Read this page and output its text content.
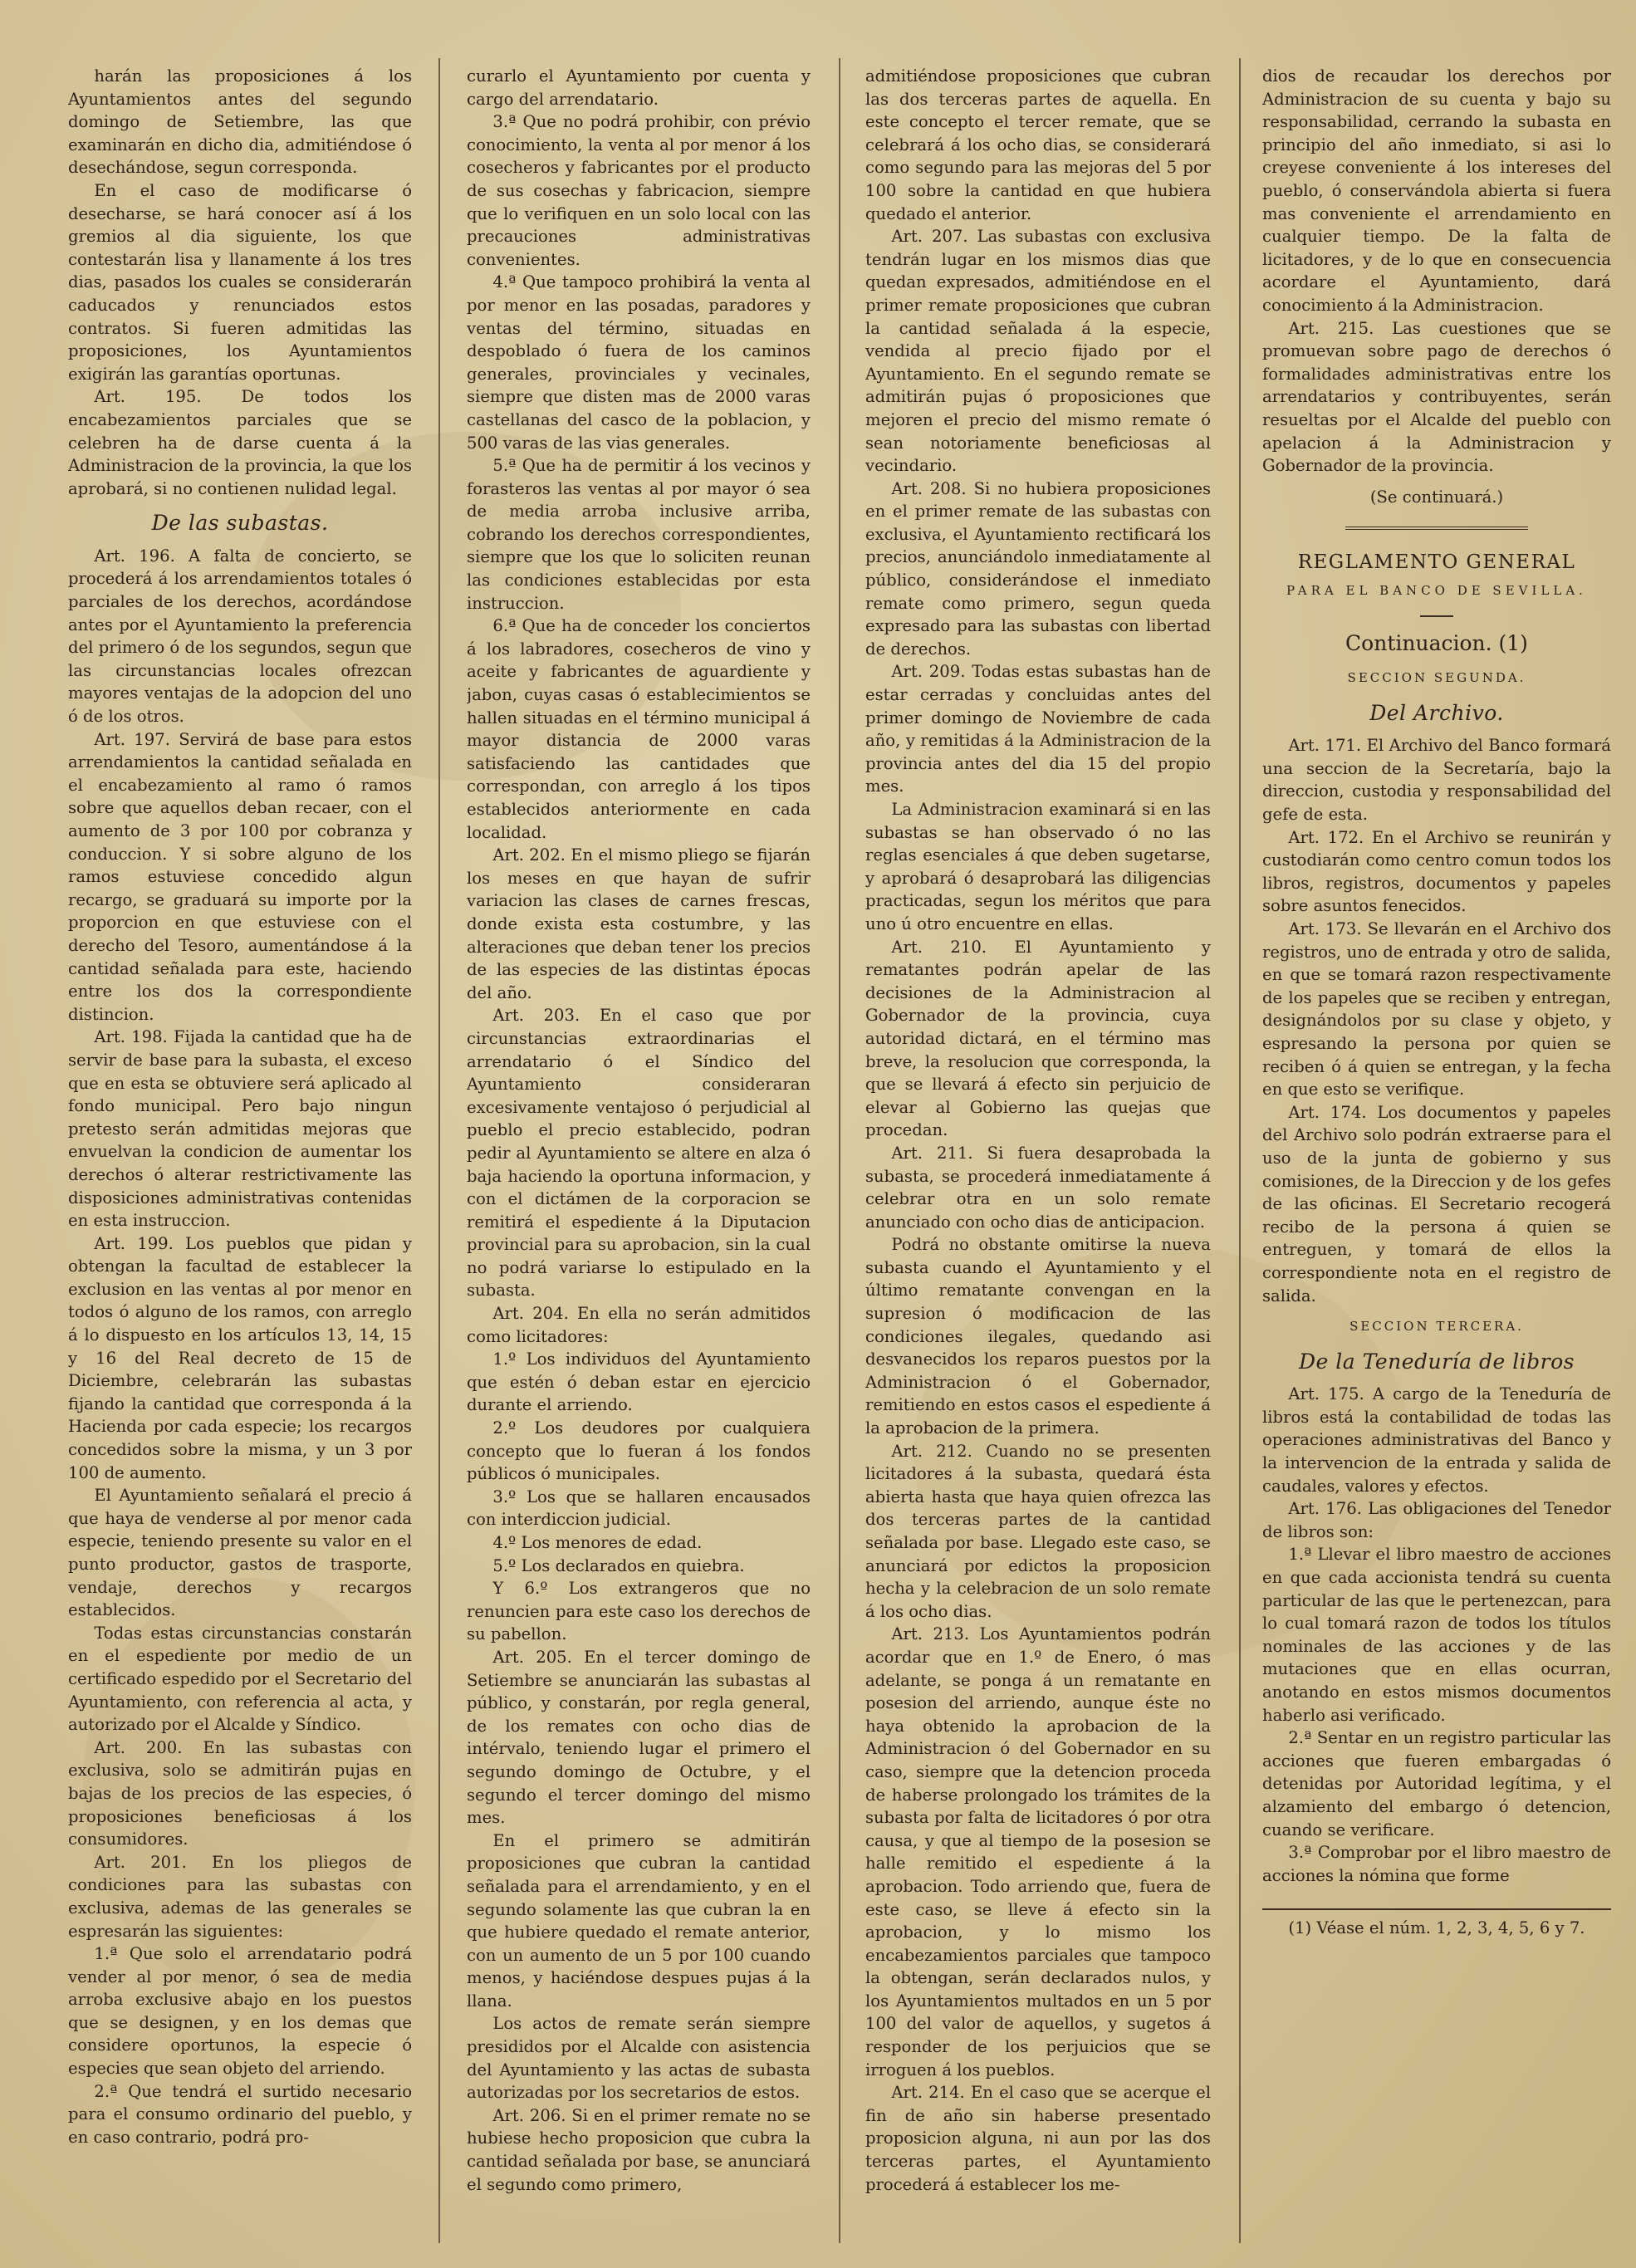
harán las proposiciones á los Ayuntamientos antes del segundo domingo de Setiembre, las que examinarán en dicho dia, admitiéndose ó desechándose, segun corresponda.

En el caso de modificarse ó desecharse, se hará conocer así á los gremios al dia siguiente, los que contestarán lisa y llanamente á los tres dias, pasados los cuales se considerarán caducados y renunciados estos contratos. Si fueren admitidas las proposiciones, los Ayuntamientos exigirán las garantías oportunas.

Art. 195. De todos los encabezamientos parciales que se celebren ha de darse cuenta á la Administracion de la provincia, la que los aprobará, si no contienen nulidad legal.

De las subastas.

Art. 196. A falta de concierto, se procederá á los arrendamientos totales ó parciales de los derechos, acordándose antes por el Ayuntamiento la preferencia del primero ó de los segundos, segun que las circunstancias locales ofrezcan mayores ventajas de la adopcion del uno ó de los otros.

Art. 197. Servirá de base para estos arrendamientos la cantidad señalada en el encabezamiento al ramo ó ramos sobre que aquellos deban recaer, con el aumento de 3 por 100 por cobranza y conduccion. Y si sobre alguno de los ramos estuviese concedido algun recargo, se graduará su importe por la proporcion en que estuviese con el derecho del Tesoro, aumentándose á la cantidad señalada para este, haciendo entre los dos la correspondiente distincion.

Art. 198. Fijada la cantidad que ha de servir de base para la subasta, el exceso que en esta se obtuviere será aplicado al fondo municipal. Pero bajo ningun pretesto serán admitidas mejoras que envuelvan la condicion de aumentar los derechos ó alterar restrictivamente las disposiciones administrativas contenidas en esta instruccion.

Art. 199. Los pueblos que pidan y obtengan la facultad de establecer la exclusion en las ventas al por menor en todos ó alguno de los ramos, con arreglo á lo dispuesto en los artículos 13, 14, 15 y 16 del Real decreto de 15 de Diciembre, celebrarán las subastas fijando la cantidad que corresponda á la Hacienda por cada especie; los recargos concedidos sobre la misma, y un 3 por 100 de aumento.

El Ayuntamiento señalará el precio á que haya de venderse al por menor cada especie, teniendo presente su valor en el punto productor, gastos de trasporte, vendaje, derechos y recargos establecidos.

Todas estas circunstancias constarán en el espediente por medio de un certificado espedido por el Secretario del Ayuntamiento, con referencia al acta, y autorizado por el Alcalde y Síndico.

Art. 200. En las subastas con exclusiva, solo se admitirán pujas en bajas de los precios de las especies, ó proposiciones beneficiosas á los consumidores.

Art. 201. En los pliegos de condiciones para las subastas con exclusiva, ademas de las generales se espresarán las siguientes:

1.ª Que solo el arrendatario podrá vender al por menor, ó sea de media arroba exclusive abajo en los puestos que se designen, y en los demas que considere oportunos, la especie ó especies que sean objeto del arriendo.

2.ª Que tendrá el surtido necesario para el consumo ordinario del pueblo, y en caso contrario, podrá pro-

curarlo el Ayuntamiento por cuenta y cargo del arrendatario.

3.ª Que no podrá prohibir, con prévio conocimiento, la venta al por menor á los cosecheros y fabricantes por el producto de sus cosechas y fabricacion, siempre que lo verifiquen en un solo local con las precauciones administrativas convenientes.

4.ª Que tampoco prohibirá la venta al por menor en las posadas, paradores y ventas del término, situadas en despoblado ó fuera de los caminos generales, provinciales y vecinales, siempre que disten mas de 2000 varas castellanas del casco de la poblacion, y 500 varas de las vias generales.

5.ª Que ha de permitir á los vecinos y forasteros las ventas al por mayor ó sea de media arroba inclusive arriba, cobrando los derechos correspondientes, siempre que los que lo soliciten reunan las condiciones establecidas por esta instruccion.

6.ª Que ha de conceder los conciertos á los labradores, cosecheros de vino y aceite y fabricantes de aguardiente y jabon, cuyas casas ó establecimientos se hallen situadas en el término municipal á mayor distancia de 2000 varas satisfaciendo las cantidades que correspondan, con arreglo á los tipos establecidos anteriormente en cada localidad.

Art. 202. En el mismo pliego se fijarán los meses en que hayan de sufrir variacion las clases de carnes frescas, donde exista esta costumbre, y las alteraciones que deban tener los precios de las especies de las distintas épocas del año.

Art. 203. En el caso que por circunstancias extraordinarias el arrendatario ó el Síndico del Ayuntamiento consideraran excesivamente ventajoso ó perjudicial al pueblo el precio establecido, podran pedir al Ayuntamiento se altere en alza ó baja haciendo la oportuna informacion, y con el dictámen de la corporacion se remitirá el espediente á la Diputacion provincial para su aprobacion, sin la cual no podrá variarse lo estipulado en la subasta.

Art. 204. En ella no serán admitidos como licitadores:

1.º Los individuos del Ayuntamiento que estén ó deban estar en ejercicio durante el arriendo.

2.º Los deudores por cualquiera concepto que lo fueran á los fondos públicos ó municipales.

3.º Los que se hallaren encausados con interdiccion judicial.

4.º Los menores de edad.

5.º Los declarados en quiebra.

Y 6.º Los extrangeros que no renuncien para este caso los derechos de su pabellon.

Art. 205. En el tercer domingo de Setiembre se anunciarán las subastas al público, y constarán, por regla general, de los remates con ocho dias de intérvalo, teniendo lugar el primero el segundo domingo de Octubre, y el segundo el tercer domingo del mismo mes.

En el primero se admitirán proposiciones que cubran la cantidad señalada para el arrendamiento, y en el segundo solamente las que cubran la en que hubiere quedado el remate anterior, con un aumento de un 5 por 100 cuando menos, y haciéndose despues pujas á la llana.

Los actos de remate serán siempre presididos por el Alcalde con asistencia del Ayuntamiento y las actas de subasta autorizadas por los secretarios de estos.

Art. 206. Si en el primer remate no se hubiese hecho proposicion que cubra la cantidad señalada por base, se anunciará el segundo como primero,

admitiéndose proposiciones que cubran las dos terceras partes de aquella. En este concepto el tercer remate, que se celebrará á los ocho dias, se considerará como segundo para las mejoras del 5 por 100 sobre la cantidad en que hubiera quedado el anterior.

Art. 207. Las subastas con exclusiva tendrán lugar en los mismos dias que quedan expresados, admitiéndose en el primer remate proposiciones que cubran la cantidad señalada á la especie, vendida al precio fijado por el Ayuntamiento. En el segundo remate se admitirán pujas ó proposiciones que mejoren el precio del mismo remate ó sean notoriamente beneficiosas al vecindario.

Art. 208. Si no hubiera proposiciones en el primer remate de las subastas con exclusiva, el Ayuntamiento rectificará los precios, anunciándolo inmediatamente al público, considerándose el inmediato remate como primero, segun queda expresado para las subastas con libertad de derechos.

Art. 209. Todas estas subastas han de estar cerradas y concluidas antes del primer domingo de Noviembre de cada año, y remitidas á la Administracion de la provincia antes del dia 15 del propio mes.

La Administracion examinará si en las subastas se han observado ó no las reglas esenciales á que deben sugetarse, y aprobará ó desaprobará las diligencias practicadas, segun los méritos que para uno ú otro encuentre en ellas.

Art. 210. El Ayuntamiento y rematantes podrán apelar de las decisiones de la Administracion al Gobernador de la provincia, cuya autoridad dictará, en el término mas breve, la resolucion que corresponda, la que se llevará á efecto sin perjuicio de elevar al Gobierno las quejas que procedan.

Art. 211. Si fuera desaprobada la subasta, se procederá inmediatamente á celebrar otra en un solo remate anunciado con ocho dias de anticipacion.

Podrá no obstante omitirse la nueva subasta cuando el Ayuntamiento y el último rematante convengan en la supresion ó modificacion de las condiciones ilegales, quedando asi desvanecidos los reparos puestos por la Administracion ó el Gobernador, remitiendo en estos casos el espediente á la aprobacion de la primera.

Art. 212. Cuando no se presenten licitadores á la subasta, quedará ésta abierta hasta que haya quien ofrezca las dos terceras partes de la cantidad señalada por base. Llegado este caso, se anunciará por edictos la proposicion hecha y la celebracion de un solo remate á los ocho dias.

Art. 213. Los Ayuntamientos podrán acordar que en 1.º de Enero, ó mas adelante, se ponga á un rematante en posesion del arriendo, aunque éste no haya obtenido la aprobacion de la Administracion ó del Gobernador en su caso, siempre que la detencion proceda de haberse prolongado los trámites de la subasta por falta de licitadores ó por otra causa, y que al tiempo de la posesion se halle remitido el espediente á la aprobacion. Todo arriendo que, fuera de este caso, se lleve á efecto sin la aprobacion, y lo mismo los encabezamientos parciales que tampoco la obtengan, serán declarados nulos, y los Ayuntamientos multados en un 5 por 100 del valor de aquellos, y sugetos á responder de los perjuicios que se irroguen á los pueblos.

Art. 214. En el caso que se acerque el fin de año sin haberse presentado proposicion alguna, ni aun por las dos terceras partes, el Ayuntamiento procederá á establecer los me-

dios de recaudar los derechos por Administracion de su cuenta y bajo su responsabilidad, cerrando la subasta en principio del año inmediato, si asi lo creyese conveniente á los intereses del pueblo, ó conservándola abierta si fuera mas conveniente el arrendamiento en cualquier tiempo. De la falta de licitadores, y de lo que en consecuencia acordare el Ayuntamiento, dará conocimiento á la Administracion.

Art. 215. Las cuestiones que se promuevan sobre pago de derechos ó formalidades administrativas entre los arrendatarios y contribuyentes, serán resueltas por el Alcalde del pueblo con apelacion á la Administracion y Gobernador de la provincia.

(Se continuará.)
REGLAMENTO GENERAL
PARA EL BANCO DE SEVILLA.
Continuacion. (1)
SECCION SEGUNDA.
Del Archivo.

Art. 171. El Archivo del Banco formará una seccion de la Secretaría, bajo la direccion, custodia y responsabilidad del gefe de esta.

Art. 172. En el Archivo se reunirán y custodiarán como centro comun todos los libros, registros, documentos y papeles sobre asuntos fenecidos.

Art. 173. Se llevarán en el Archivo dos registros, uno de entrada y otro de salida, en que se tomará razon respectivamente de los papeles que se reciben y entregan, designándolos por su clase y objeto, y espresando la persona por quien se reciben ó á quien se entregan, y la fecha en que esto se verifique.

Art. 174. Los documentos y papeles del Archivo solo podrán extraerse para el uso de la junta de gobierno y sus comisiones, de la Direccion y de los gefes de las oficinas. El Secretario recogerá recibo de la persona á quien se entreguen, y tomará de ellos la correspondiente nota en el registro de salida.

SECCION TERCERA.
De la Teneduría de libros

Art. 175. A cargo de la Teneduría de libros está la contabilidad de todas las operaciones administrativas del Banco y la intervencion de la entrada y salida de caudales, valores y efectos.

Art. 176. Las obligaciones del Tenedor de libros son:

1.ª Llevar el libro maestro de acciones en que cada accionista tendrá su cuenta particular de las que le pertenezcan, para lo cual tomará razon de todos los títulos nominales de las acciones y de las mutaciones que en ellas ocurran, anotando en estos mismos documentos haberlo asi verificado.

2.ª Sentar en un registro particular las acciones que fueren embargadas ó detenidas por Autoridad legítima, y el alzamiento del embargo ó detencion, cuando se verificare.

3.ª Comprobar por el libro maestro de acciones la nómina que forme

(1) Véase el núm. 1, 2, 3, 4, 5, 6 y 7.
